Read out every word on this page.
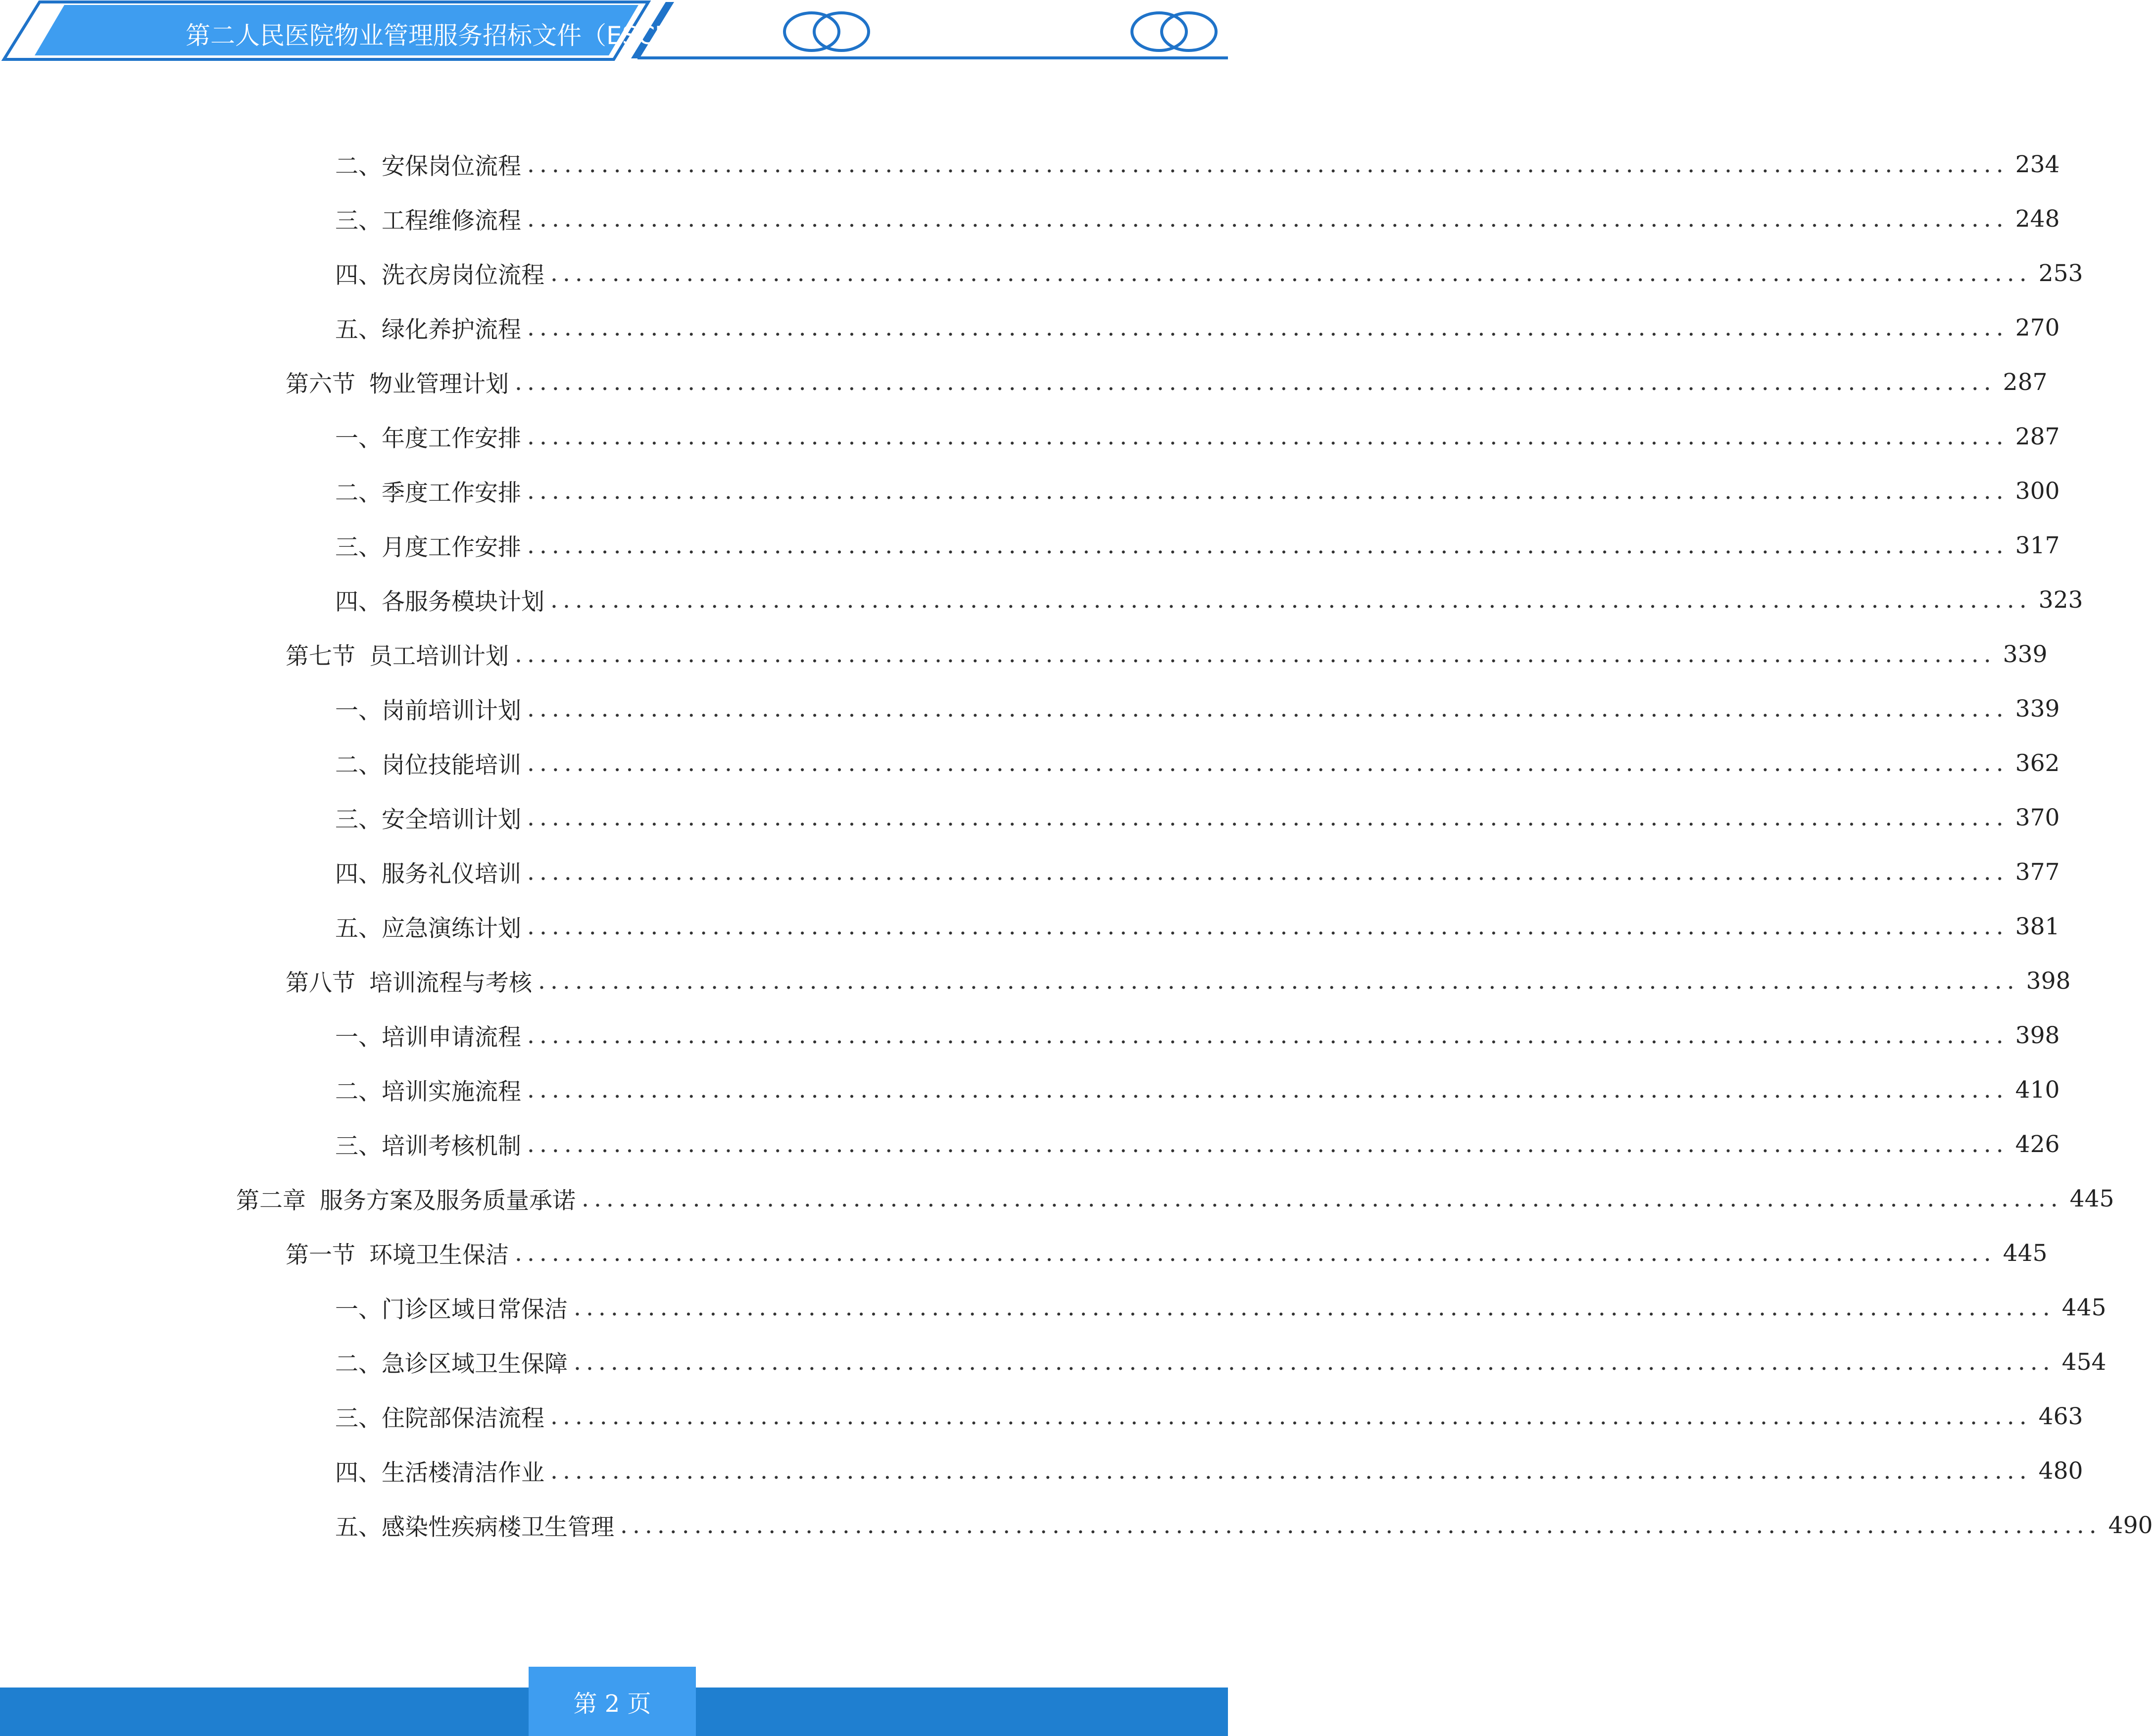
第二人民医院物业管理服务招标文件（ESCU
二、 安保岗位流程 ........................................................................................................................ 234
三、 工程维修流程 ........................................................................................................................ 248
四、 洗衣房岗位流程 ........................................................................................................................ 253
五、 绿化养护流程 ........................................................................................................................ 270
第六节 物业管理计划 ........................................................................................................................ 287
一、 年度工作安排 ........................................................................................................................ 287
二、 季度工作安排 ........................................................................................................................ 300
三、 月度工作安排 ........................................................................................................................ 317
四、 各服务模块计划 ........................................................................................................................ 323
第七节 员工培训计划 ........................................................................................................................ 339
一、 岗前培训计划 ........................................................................................................................ 339
二、 岗位技能培训 ........................................................................................................................ 362
三、 安全培训计划 ........................................................................................................................ 370
四、 服务礼仪培训 ........................................................................................................................ 377
五、 应急演练计划 ........................................................................................................................ 381
第八节 培训流程与考核 ........................................................................................................................ 398
一、 培训申请流程 ........................................................................................................................ 398
二、 培训实施流程 ........................................................................................................................ 410
三、 培训考核机制 ........................................................................................................................ 426
第二章 服务方案及服务质量承诺 ........................................................................................................................ 445
第一节 环境卫生保洁 ........................................................................................................................ 445
一、 门诊区域日常保洁 ........................................................................................................................ 445
二、 急诊区域卫生保障 ........................................................................................................................ 454
三、 住院部保洁流程 ........................................................................................................................ 463
四、 生活楼清洁作业 ........................................................................................................................ 480
五、 感染性疾病楼卫生管理 ........................................................................................................................ 490
第 2 页
